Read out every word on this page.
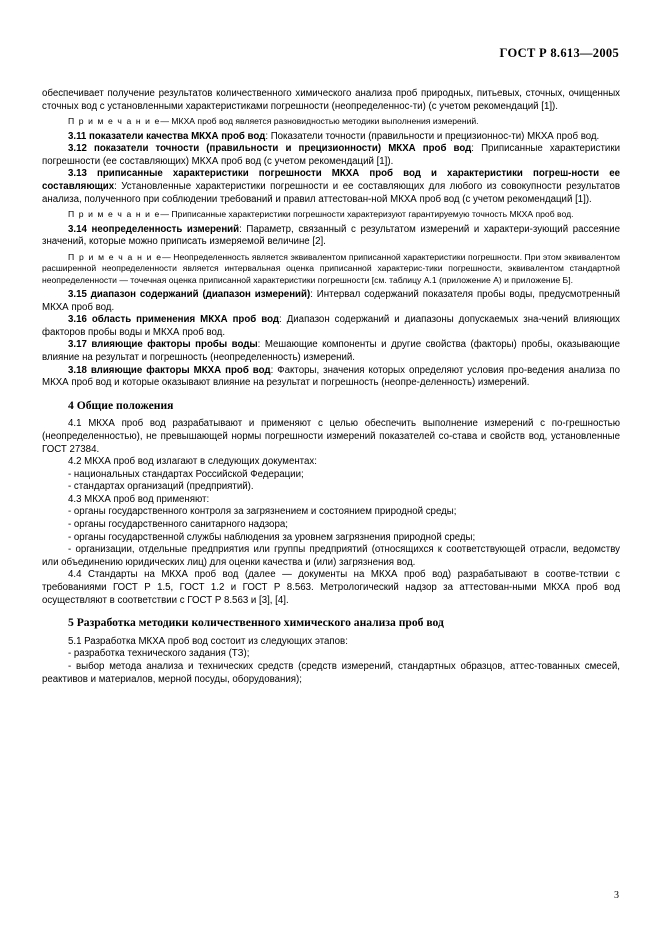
ГОСТ Р 8.613—2005

обеспечивает получение результатов количественного химического анализа проб природных, питьевых, сточных, очищенных сточных вод с установленными характеристиками погрешности (неопределеннос-ти) (с учетом рекомендаций [1]).

П р и м е ч а н и е— МКХА проб вод является разновидностью методики выполнения измерений.

3.11 показатели качества МКХА проб вод: Показатели точности (правильности и прецизионнос-ти) МКХА проб вод.

3.12 показатели точности (правильности и прецизионности) МКХА проб вод: Приписанные характеристики погрешности (ее составляющих) МКХА проб вод (с учетом рекомендаций [1]).

3.13 приписанные характеристики погрешности МКХА проб вод и характеристики погреш-ности ее составляющих: Установленные характеристики погрешности и ее составляющих для любого из совокупности результатов анализа, полученного при соблюдении требований и правил аттестован-ной МКХА проб вод (с учетом рекомендаций [1]).

П р и м е ч а н и е— Приписанные характеристики погрешности характеризуют гарантируемую точность МКХА проб вод.

3.14 неопределенность измерений: Параметр, связанный с результатом измерений и характери-зующий рассеяние значений, которые можно приписать измеряемой величине [2].

П р и м е ч а н и е— Неопределенность является эквивалентом приписанной характеристики погрешности. При этом эквивалентом расширенной неопределенности является интервальная оценка приписанной характерис-тики погрешности, эквивалентом стандартной неопределенности — точечная оценка приписанной характеристики погрешности [см. таблицу А.1 (приложение А) и приложение Б].

3.15 диапазон содержаний (диапазон измерений): Интервал содержаний показателя пробы воды, предусмотренный МКХА проб вод.

3.16 область применения МКХА проб вод: Диапазон содержаний и диапазоны допускаемых зна-чений влияющих факторов пробы воды и МКХА проб вод.

3.17 влияющие факторы пробы воды: Мешающие компоненты и другие свойства (факторы) пробы, оказывающие влияние на результат и погрешность (неопределенность) измерений.

3.18 влияющие факторы МКХА проб вод: Факторы, значения которых определяют условия про-ведения анализа по МКХА проб вод и которые оказывают влияние на результат и погрешность (неопре-деленность) измерений.

4 Общие положения

4.1 МКХА проб вод разрабатывают и применяют с целью обеспечить выполнение измерений с по-грешностью (неопределенностью), не превышающей нормы погрешности измерений показателей со-става и свойств вод, установленные ГОСТ 27384.

4.2 МКХА проб вод излагают в следующих документах:

- национальных стандартах Российской Федерации;

- стандартах организаций (предприятий).

4.3 МКХА проб вод применяют:

- органы государственного контроля за загрязнением и состоянием природной среды;

- органы государственного санитарного надзора;

- органы государственной службы наблюдения за уровнем загрязнения природной среды;

- организации, отдельные предприятия или группы предприятий (относящихся к соответствующей отрасли, ведомству или объединению юридических лиц) для оценки качества и (или) загрязнения вод.

4.4 Стандарты на МКХА проб вод (далее — документы на МКХА проб вод) разрабатывают в соотве-тствии с требованиями ГОСТ Р 1.5, ГОСТ 1.2 и ГОСТ Р 8.563. Метрологический надзор за аттестован-ными МКХА проб вод осуществляют в соответствии с ГОСТ Р 8.563 и [3], [4].

5 Разработка методики количественного химического анализа проб вод

5.1 Разработка МКХА проб вод состоит из следующих этапов:

- разработка технического задания (ТЗ);

- выбор метода анализа и технических средств (средств измерений, стандартных образцов, аттес-тованных смесей, реактивов и материалов, мерной посуды, оборудования);

3
